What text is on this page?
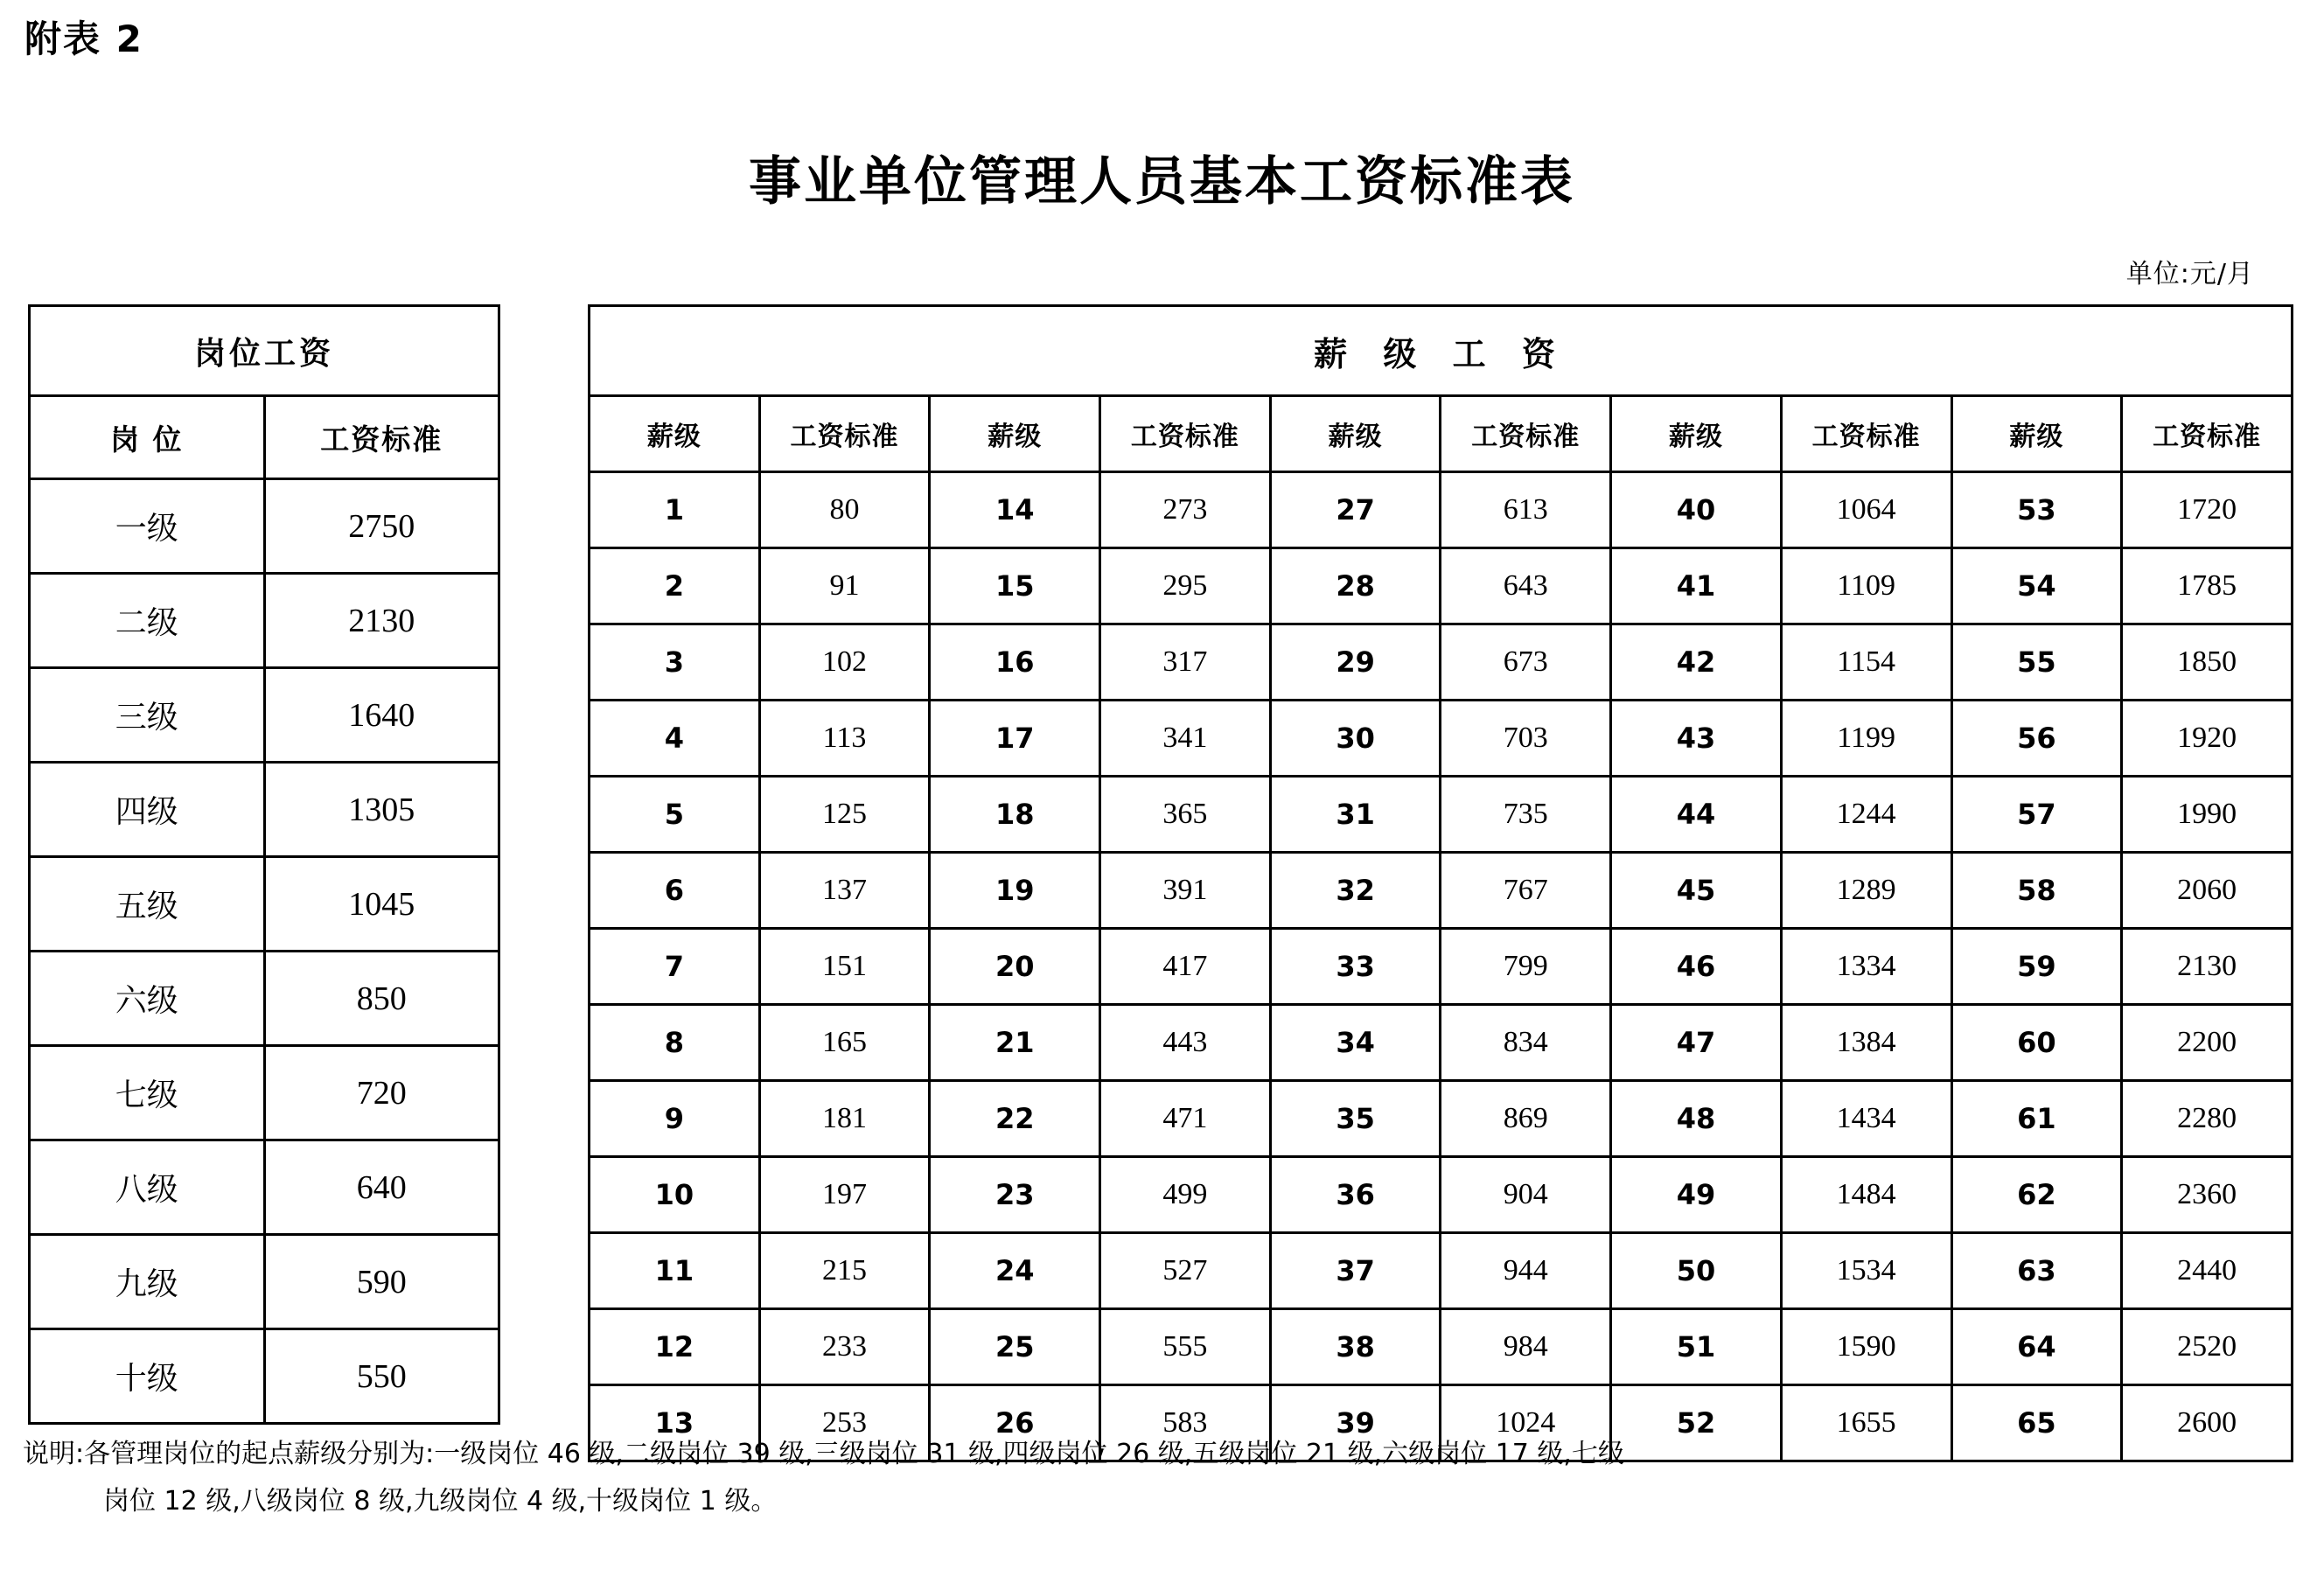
附表 2
事业单位管理人员基本工资标准表
单位:元/月
岗位工资	
岗 位	工资标准
一级	2750
二级	2130
三级	1640
四级	1305
五级	1045
六级	850
七级	720
八级	640
九级	590
十级	550
薪 级 工 资									
薪级	工资标准	薪级	工资标准	薪级	工资标准	薪级	工资标准	薪级	工资标准
1	80	14	273	27	613	40	1064	53	1720
2	91	15	295	28	643	41	1109	54	1785
3	102	16	317	29	673	42	1154	55	1850
4	113	17	341	30	703	43	1199	56	1920
5	125	18	365	31	735	44	1244	57	1990
6	137	19	391	32	767	45	1289	58	2060
7	151	20	417	33	799	46	1334	59	2130
8	165	21	443	34	834	47	1384	60	2200
9	181	22	471	35	869	48	1434	61	2280
10	197	23	499	36	904	49	1484	62	2360
11	215	24	527	37	944	50	1534	63	2440
12	233	25	555	38	984	51	1590	64	2520
13	253	26	583	39	1024	52	1655	65	2600
说明:各管理岗位的起点薪级分别为:一级岗位 46 级,二级岗位 39 级,三级岗位 31 级,四级岗位 26 级,五级岗位 21 级,六级岗位 17 级,七级
岗位 12 级,八级岗位 8 级,九级岗位 4 级,十级岗位 1 级。
